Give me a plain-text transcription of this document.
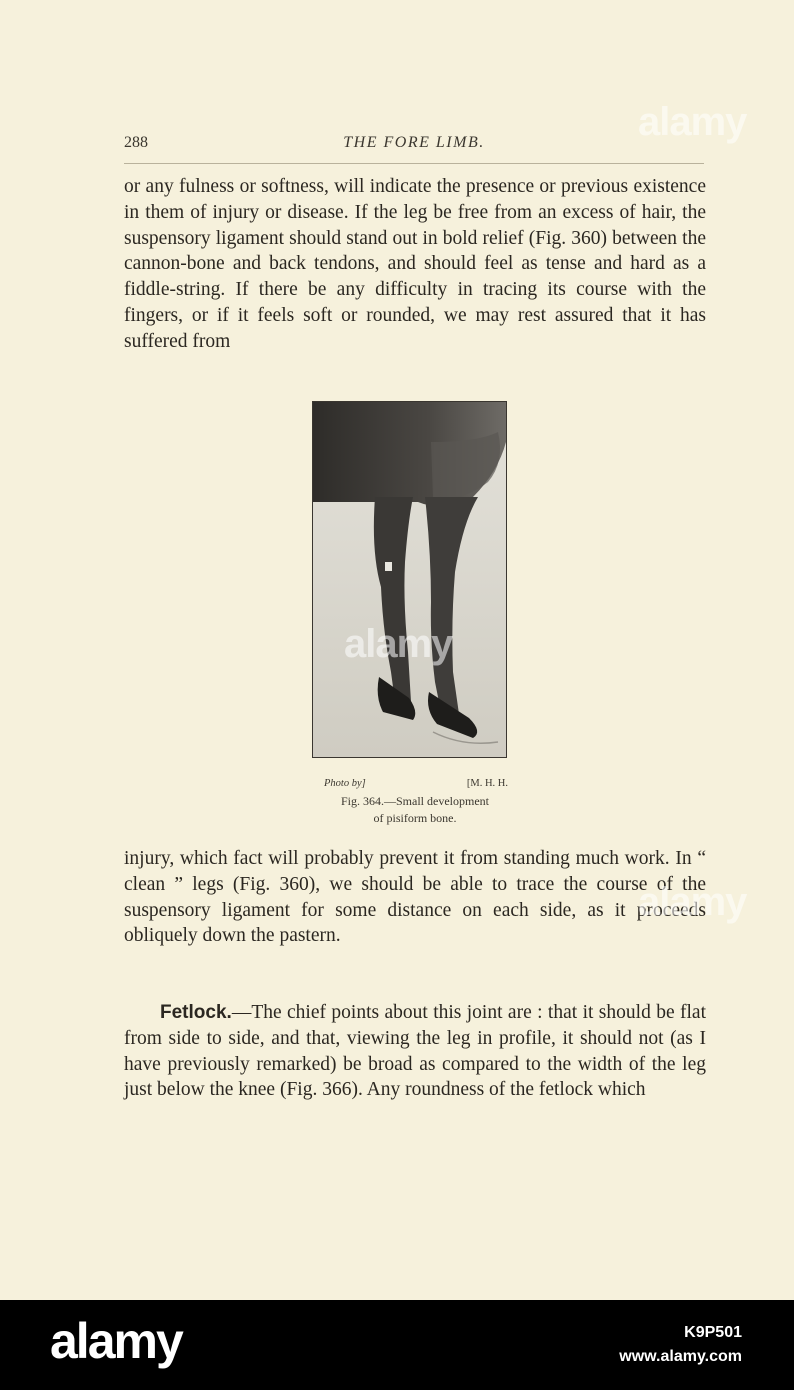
288	THE FORE LIMB.
or any fulness or softness, will indicate the presence or previous existence in them of injury or disease. If the leg be free from an excess of hair, the suspensory ligament should stand out in bold relief (Fig. 360) between the cannon-bone and back tendons, and should feel as tense and hard as a fiddle-string. If there be any difficulty in tracing its course with the fingers, or if it feels soft or rounded, we may rest assured that it has suffered from
Photo by]	[M. H. H.
Fig. 364.—Small development
of pisiform bone.
injury, which fact will probably prevent it from standing much work. In “ clean ” legs (Fig. 360), we should be able to trace the course of the suspensory ligament for some distance on each side, as it proceeds obliquely down the pastern.
Fetlock.—The chief points about this joint are : that it should be flat from side to side, and that, viewing the leg in profile, it should not (as I have previously remarked) be broad as compared to the width of the leg just below the knee (Fig. 366). Any roundness of the fetlock which
alamy
alamy
alamy
alamy	K9P501
www.alamy.com
